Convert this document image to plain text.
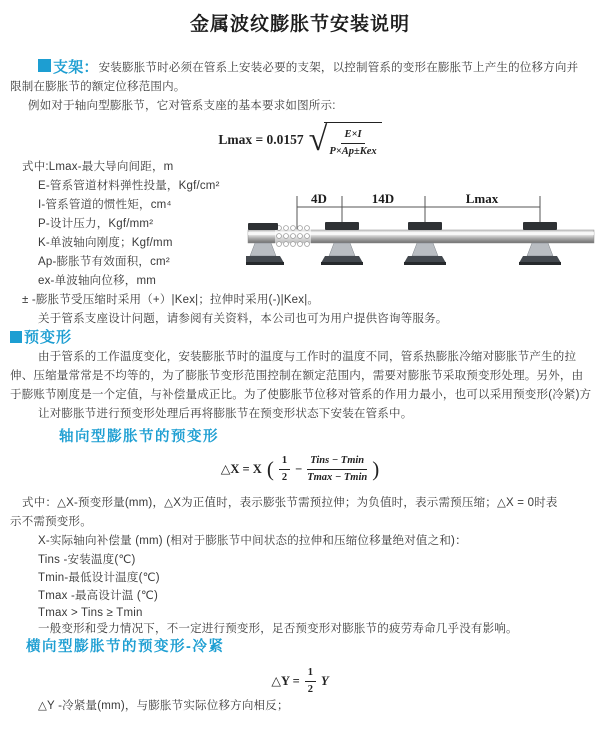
金属波纹膨胀节安装说明
支架：安装膨胀节时必须在管系上安装必要的支架，以控制管系的变形在膨胀节上产生的位移方向并
限制在膨胀节的额定位移范围内。
例如对于轴向型膨胀节，它对管系支座的基本要求如图所示:
Lmax = 0.0157 √ $\frac{E\times I}{\text{P×Ap±Kex}}$
式中:Lmax-最大导向间距，m
E-管系管道材料弹性投量，Kgf/cm²
I-管系管道的惯性矩，cm⁴
P-设计压力，Kgf/mm²
K-单波轴向刚度；Kgf/mm
Ap-膨胀节有效面积，cm²
ex-单波轴向位移，mm
± -膨胀节受压缩时采用（+）|Kex|；拉伸时采用(-)|Kex|。
关于管系支座设计问题，请参阅有关资料，本公司也可为用户提供咨询等服务。
4D	14D	Lmax
预变形
由于管系的工作温度变化，安装膨胀节时的温度与工作时的温度不同，管系热膨胀冷缩对膨胀节产生的拉
伸、压缩量常常是不均等的，为了膨胀节变形范围控制在额定范围内，需要对膨胀节采取预变形处理。另外，由
于膨账节刚度是一个定值，与补偿量成正比。为了使膨胀节位移对管系的作用力最小，也可以采用预变形(冷紧)方
让对膨胀节进行预变形处理后再将膨胀节在预变形状态下安装在管系中。
轴向型膨胀节的预变形
△X = X ( $\frac{1}{2} - \frac{\text{Tins − Tmin}}{Tmax - Tmin}$ )
式中：△X-预变形量(mm)，△X为正值时，表示膨张节需预拉伸；为负值时，表示需预压缩；△X = 0时表
示不需预变形。
X-实际轴向补偿量 (mm) (相对于膨胀节中间状态的拉伸和压缩位移量绝对值之和)：
Tins -安装温度(℃)
Tmin-最低设计温度(℃)
Tmax -最高设计温 (℃)
Tmax > Tins ≥ Tmin
一般变形和受力情况下，不一定进行预变形，足否预变形对膨胀节的疲劳寿命几乎没有影响。
横向型膨胀节的预变形-冷紧
△Y = $\frac{1}{2}$ Y
△Y -冷紧量(mm)，与膨胀节实际位移方向相反；
